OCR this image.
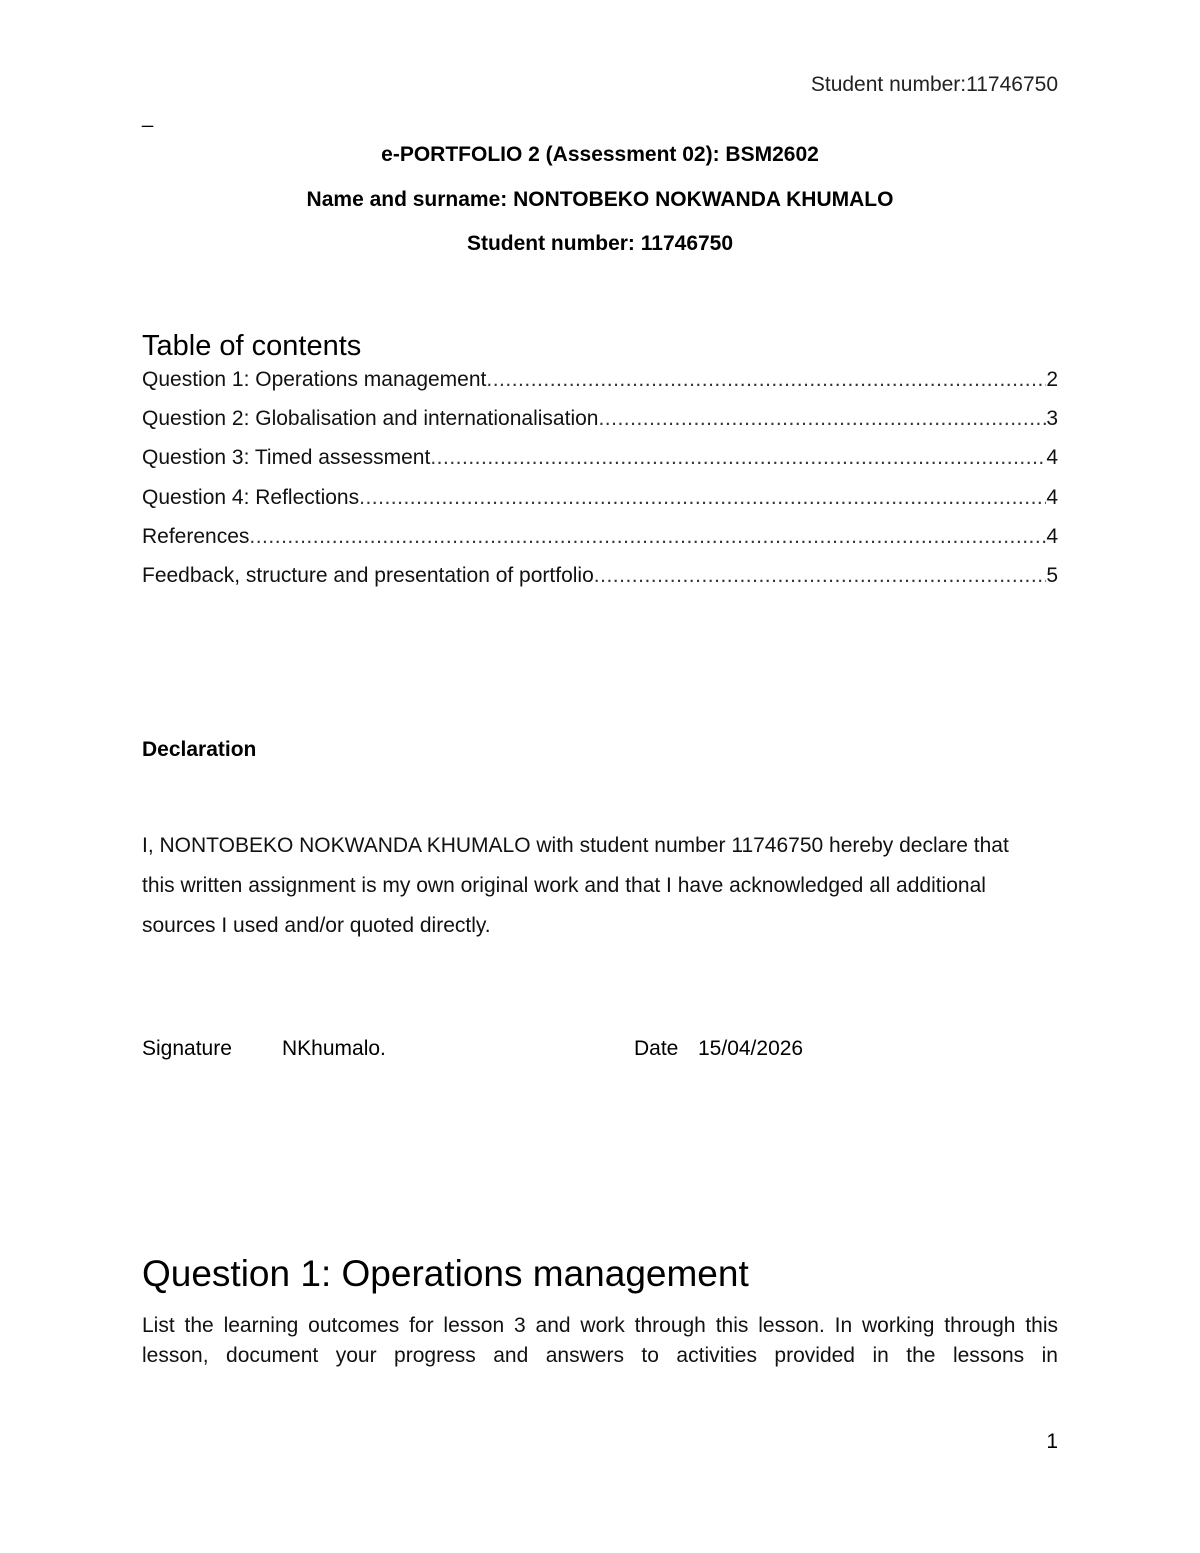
Student number:11746750
_
e-PORTFOLIO 2 (Assessment 02): BSM2602
Name and surname: NONTOBEKO NOKWANDA KHUMALO
Student number: 11746750
Table of contents
Question 1: Operations management .....	2
Question 2: Globalisation and internationalisation .....	3
Question 3: Timed assessment .....	4
Question 4: Reflections .....	4
References .....	4
Feedback, structure and presentation of portfolio .....	5
Declaration

I, NONTOBEKO NOKWANDA KHUMALO with student number 11746750 hereby declare that this written assignment is my own original work and that I have acknowledged all additional sources I used and/or quoted directly.

Signature NKhumalo.	Date 15/04/2026
Question 1: Operations management

List the learning outcomes for lesson 3 and work through this lesson. In working through this lesson, document your progress and answers to activities provided in the lessons in

1
